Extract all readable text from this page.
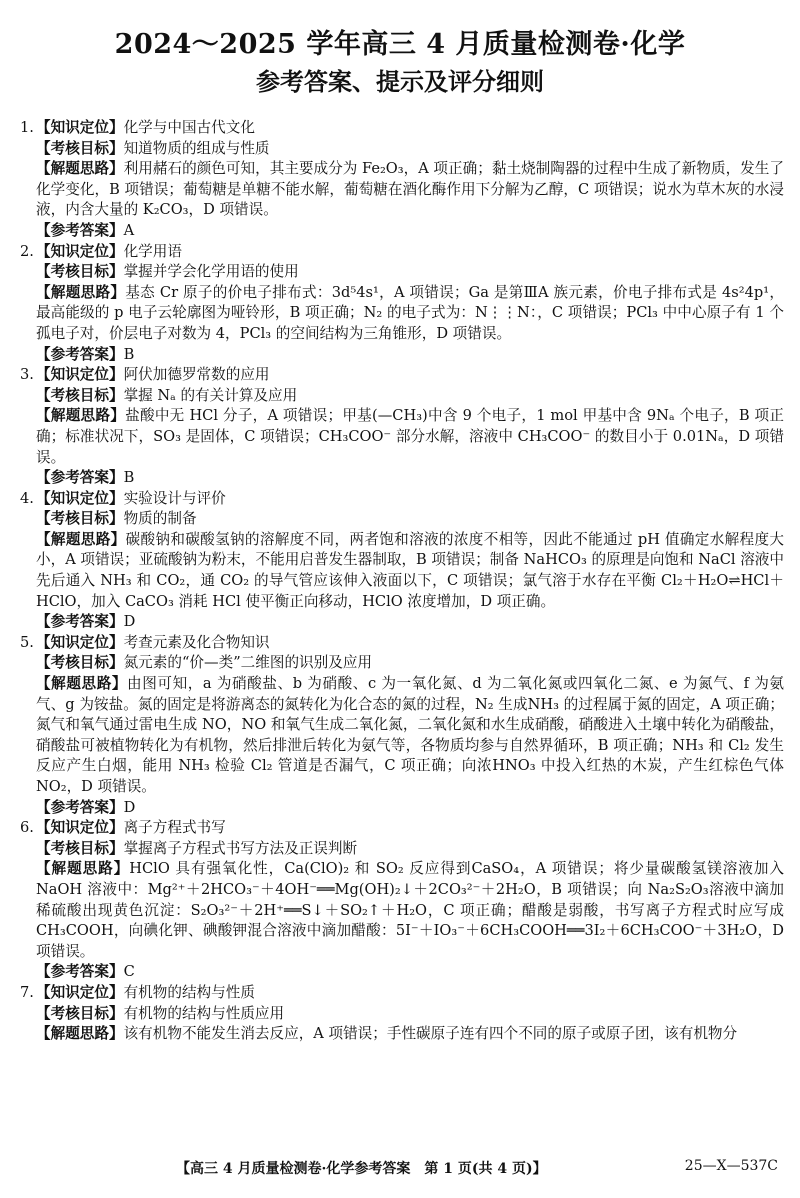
2024～2025 学年高三 4 月质量检测卷·化学
参考答案、提示及评分细则
1. 【知识定位】化学与中国古代文化
【考核目标】知道物质的组成与性质
【解题思路】利用赭石的颜色可知，其主要成分为 Fe₂O₃，A 项正确；黏土烧制陶器的过程中生成了新物质，发生了化学变化，B 项错误；葡萄糖是单糖不能水解，葡萄糖在酒化酶作用下分解为乙醇，C 项错误；说水为草木灰的水浸液，内含大量的 K₂CO₃，D 项错误。
【参考答案】A
2. 【知识定位】化学用语
【考核目标】掌握并学会化学用语的使用
【解题思路】基态 Cr 原子的价电子排布式：3d⁵4s¹，A 项错误；Ga 是第ⅢA 族元素，价电子排布式是 4s²4p¹，最高能级的 p 电子云轮廓图为哑铃形，B 项正确；N₂ 的电子式为：N⋮⋮N：，C 项错误；PCl₃ 中中心原子有 1 个孤电子对，价层电子对数为 4，PCl₃ 的空间结构为三角锥形，D 项错误。
【参考答案】B
3. 【知识定位】阿伏加德罗常数的应用
【考核目标】掌握 Nₐ 的有关计算及应用
【解题思路】盐酸中无 HCl 分子，A 项错误；甲基(—CH₃)中含 9 个电子，1 mol 甲基中含 9Nₐ 个电子，B 项正确；标准状况下，SO₃ 是固体，C 项错误；CH₃COO⁻ 部分水解，溶液中 CH₃COO⁻ 的数目小于 0.01Nₐ，D 项错误。
【参考答案】B
4. 【知识定位】实验设计与评价
【考核目标】物质的制备
【解题思路】碳酸钠和碳酸氢钠的溶解度不同，两者饱和溶液的浓度不相等，因此不能通过 pH 值确定水解程度大小，A 项错误；亚硫酸钠为粉末，不能用启普发生器制取，B 项错误；制备 NaHCO₃ 的原理是向饱和 NaCl 溶液中先后通入 NH₃ 和 CO₂，通 CO₂ 的导气管应该伸入液面以下，C 项错误；氯气溶于水存在平衡 Cl₂＋H₂O⇌HCl＋HClO，加入 CaCO₃ 消耗 HCl 使平衡正向移动，HClO 浓度增加，D 项正确。
【参考答案】D
5. 【知识定位】考查元素及化合物知识
【考核目标】氮元素的“价—类”二维图的识别及应用
【解题思路】由图可知，a 为硝酸盐、b 为硝酸、c 为一氧化氮、d 为二氧化氮或四氧化二氮、e 为氮气、f 为氨气、g 为铵盐。氮的固定是将游离态的氮转化为化合态的氮的过程，N₂ 生成NH₃ 的过程属于氮的固定，A 项正确；氮气和氧气通过雷电生成 NO，NO 和氧气生成二氧化氮，二氧化氮和水生成硝酸，硝酸进入土壤中转化为硝酸盐，硝酸盐可被植物转化为有机物，然后排泄后转化为氨气等，各物质均参与自然界循环，B 项正确；NH₃ 和 Cl₂ 发生反应产生白烟，能用 NH₃ 检验 Cl₂ 管道是否漏气，C 项正确；向浓HNO₃ 中投入红热的木炭，产生红棕色气体 NO₂，D 项错误。
【参考答案】D
6. 【知识定位】离子方程式书写
【考核目标】掌握离子方程式书写方法及正误判断
【解题思路】HClO 具有强氧化性，Ca(ClO)₂ 和 SO₂ 反应得到CaSO₄，A 项错误；将少量碳酸氢镁溶液加入NaOH 溶液中：Mg²⁺＋2HCO₃⁻＋4OH⁻══Mg(OH)₂↓＋2CO₃²⁻＋2H₂O，B 项错误；向 Na₂S₂O₃溶液中滴加稀硫酸出现黄色沉淀：S₂O₃²⁻＋2H⁺══S↓＋SO₂↑＋H₂O，C 项正确；醋酸是弱酸，书写离子方程式时应写成CH₃COOH，向碘化钾、碘酸钾混合溶液中滴加醋酸：5I⁻＋IO₃⁻＋6CH₃COOH══3I₂＋6CH₃COO⁻＋3H₂O，D 项错误。
【参考答案】C
7. 【知识定位】有机物的结构与性质
【考核目标】有机物的结构与性质应用
【解题思路】该有机物不能发生消去反应，A 项错误；手性碳原子连有四个不同的原子或原子团，该有机物分
【高三 4 月质量检测卷·化学参考答案　第 1 页(共 4 页)】	25—X—537C
